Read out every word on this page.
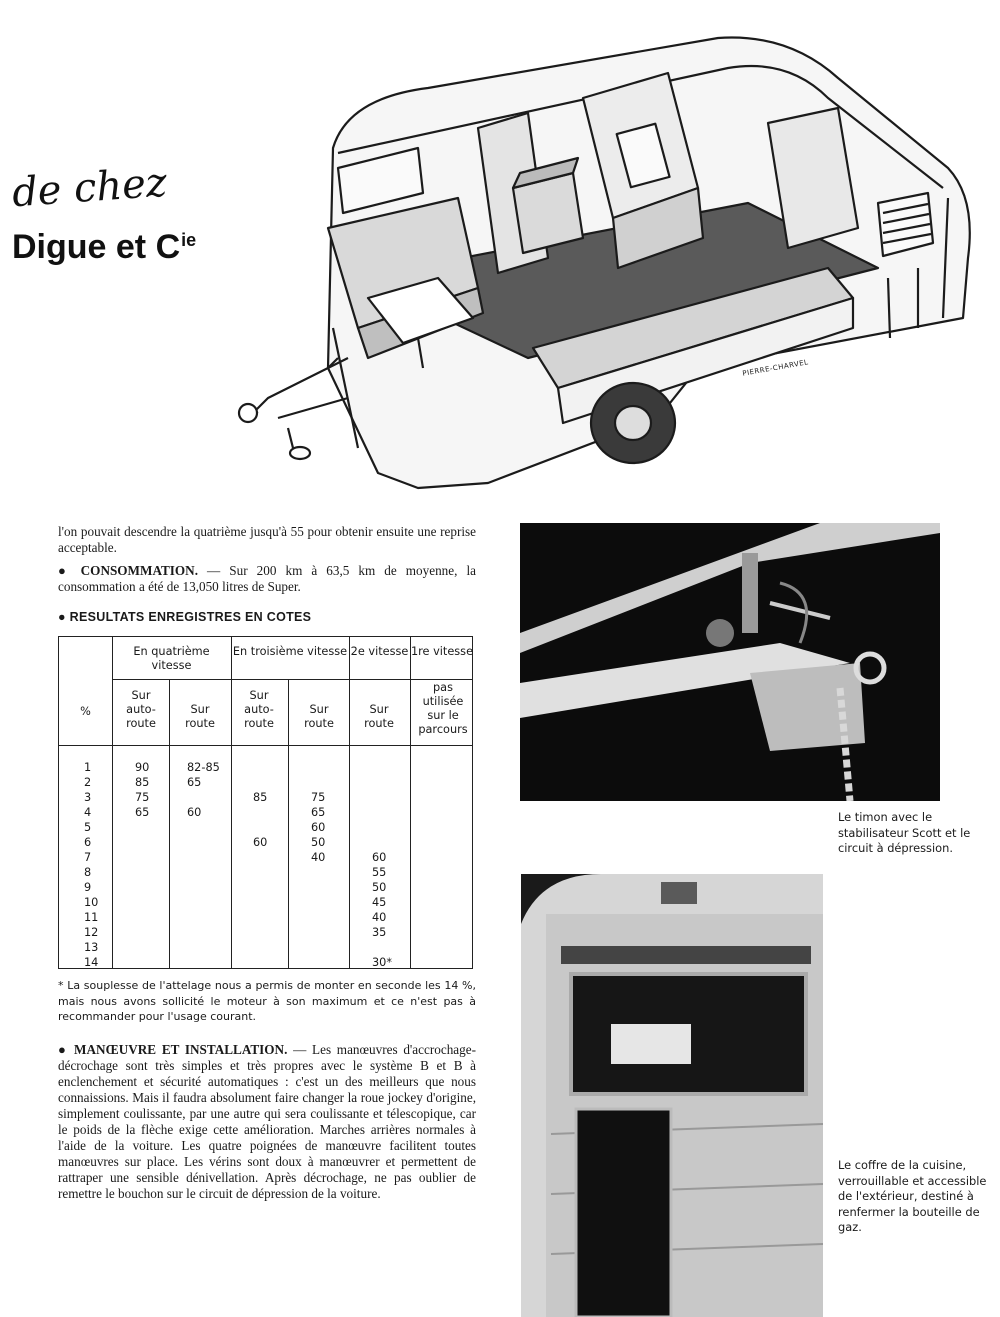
de chez
Digue et $C^{ie}$
PIERRE-CHARVEL
l'on pouvait descendre la quatrième jusqu'à 55 pour obtenir ensuite une reprise acceptable.
● CONSOMMATION. — Sur 200 km à 63,5 km de moyenne, la consommation a été de 13,050 litres de Super.
● RESULTATS ENREGISTRES EN COTES
En quatrième vitesse
En troisième vitesse 2e vitesse 1re vitesse
%
Sur auto-route
Sur route
Sur auto-route
Sur route
Sur route
pas utilisée sur le parcours
1
2
3
4
5
6
7
8
9
10
11
12
13
14
90
85
75
65
82-85
65

60

85

60

75
65
60
50
40	

60
55
50
45
40
35

30*
* La souplesse de l'attelage nous a permis de monter en seconde les 14 %, mais nous avons sollicité le moteur à son maximum et ce n'est pas à recommander pour l'usage courant.
● MANŒUVRE ET INSTALLATION. — Les manœuvres d'accrochage-décrochage sont très simples et très propres avec le système B et B à enclenchement et sécurité automatiques : c'est un des meilleurs que nous connaissions. Mais il faudra absolument faire changer la roue jockey d'origine, simplement coulissante, par une autre qui sera coulissante et télescopique, car le poids de la flèche exige cette amélioration. Marches arrières normales à l'aide de la voiture. Les quatre poignées de manœuvre facilitent toutes manœuvres sur place. Les vérins sont doux à manœuvrer et permettent de rattraper une sensible dénivellation. Après décrochage, ne pas oublier de remettre le bouchon sur le circuit de dépression de la voiture.
Le timon avec le stabilisateur Scott et le circuit à dépression.
Le coffre de la cuisine, verrouillable et accessible de l'extérieur, destiné à renfermer la bouteille de gaz.
